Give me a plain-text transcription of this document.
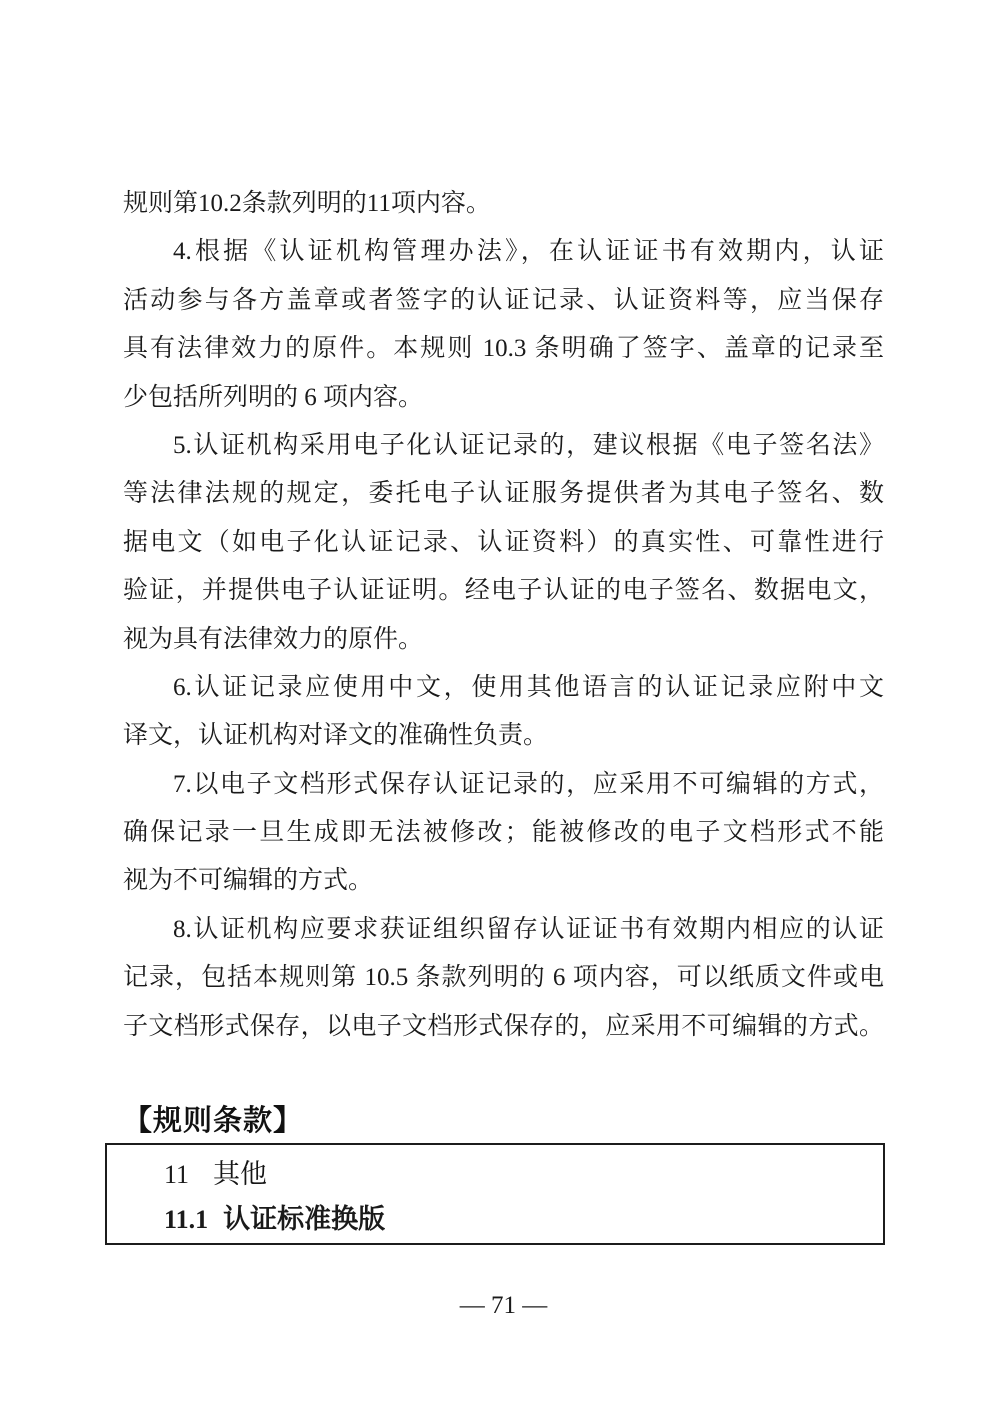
规则第10.2条款列明的11项内容。
4.根据《认证机构管理办法》，在认证证书有效期内，认证
活动参与各方盖章或者签字的认证记录、认证资料等，应当保存
具有法律效力的原件。本规则 10.3 条明确了签字、盖章的记录至
少包括所列明的 6 项内容。
5.认证机构采用电子化认证记录的，建议根据《电子签名法》
等法律法规的规定，委托电子认证服务提供者为其电子签名、数
据电文（如电子化认证记录、认证资料）的真实性、可靠性进行
验证，并提供电子认证证明。经电子认证的电子签名、数据电文，
视为具有法律效力的原件。
6.认证记录应使用中文，使用其他语言的认证记录应附中文
译文，认证机构对译文的准确性负责。
7.以电子文档形式保存认证记录的，应采用不可编辑的方式，
确保记录一旦生成即无法被修改；能被修改的电子文档形式不能
视为不可编辑的方式。
8.认证机构应要求获证组织留存认证证书有效期内相应的认证
记录，包括本规则第 10.5 条款列明的 6 项内容，可以纸质文件或电
子文档形式保存，以电子文档形式保存的，应采用不可编辑的方式。
【规则条款】
11 其他
11.1 认证标准换版
— 71 —
